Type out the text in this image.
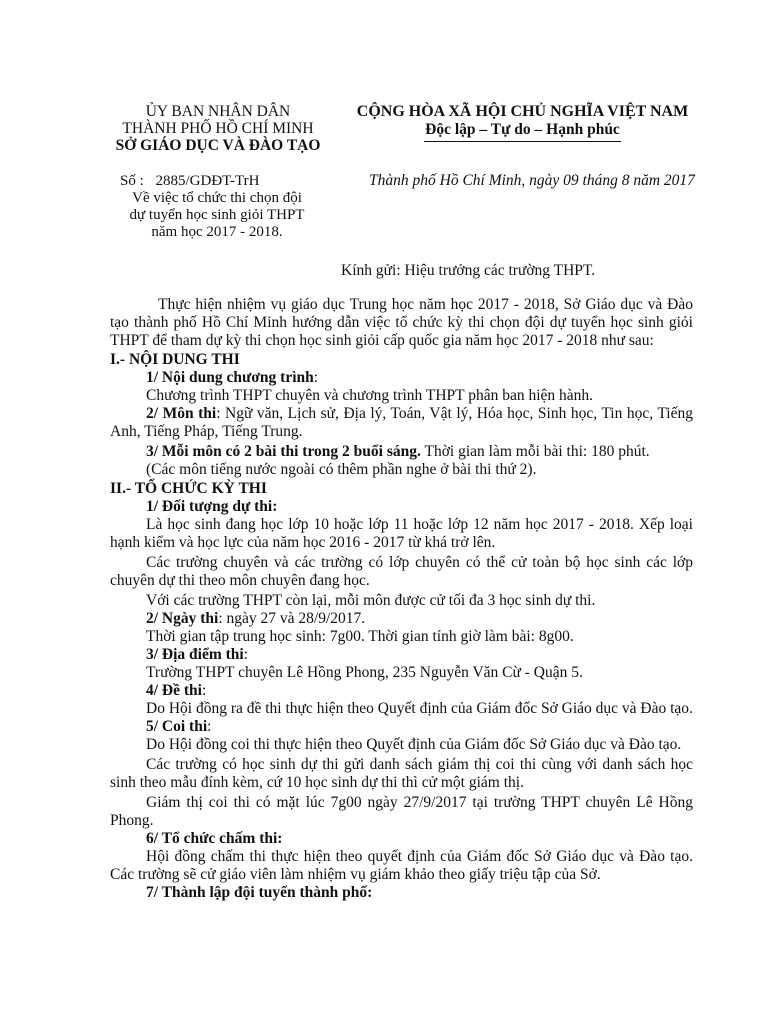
ỦY BAN NHÂN DÂN
THÀNH PHỐ HỒ CHÍ MINH
SỞ GIÁO DỤC VÀ ĐÀO TẠO
CỘNG HÒA XÃ HỘI CHỦ NGHĨA VIỆT NAM
Độc lập – Tự do – Hạnh phúc
Số : 2885/GDĐT-TrH
Về việc tổ chức thi chọn đội
dự tuyển học sinh giỏi THPT
năm học 2017 - 2018.
Thành phố Hồ Chí Minh, ngày 09 tháng 8 năm 2017
Kính gửi: Hiệu trưởng các trường THPT.

Thực hiện nhiệm vụ giáo dục Trung học năm học 2017 - 2018, Sở Giáo dục và Đào tạo thành phố Hồ Chí Minh hướng dẫn việc tổ chức kỳ thi chọn đội dự tuyển học sinh giỏi THPT để tham dự kỳ thi chọn học sinh giỏi cấp quốc gia năm học 2017 - 2018 như sau:

I.- NỘI DUNG THI

1/ Nội dung chương trình:

Chương trình THPT chuyên và chương trình THPT phân ban hiện hành.

2/ Môn thi: Ngữ văn, Lịch sử, Địa lý, Toán, Vật lý, Hóa học, Sinh học, Tin học, Tiếng Anh, Tiếng Pháp, Tiếng Trung.

3/ Mỗi môn có 2 bài thi trong 2 buổi sáng. Thời gian làm mỗi bài thi: 180 phút.

(Các môn tiếng nước ngoài có thêm phần nghe ở bài thi thứ 2).

II.- TỔ CHỨC KỲ THI

1/ Đối tượng dự thi:

Là học sinh đang học lớp 10 hoặc lớp 11 hoặc lớp 12 năm học 2017 - 2018. Xếp loại hạnh kiểm và học lực của năm học 2016 - 2017 từ khá trở lên.

Các trường chuyên và các trường có lớp chuyên có thể cử toàn bộ học sinh các lớp chuyên dự thi theo môn chuyên đang học.

Với các trường THPT còn lại, mỗi môn được cử tối đa 3 học sinh dự thi.

2/ Ngày thi: ngày 27 và 28/9/2017.

Thời gian tập trung học sinh: 7g00. Thời gian tính giờ làm bài: 8g00.

3/ Địa điểm thi:

Trường THPT chuyên Lê Hồng Phong, 235 Nguyễn Văn Cừ - Quận 5.

4/ Đề thi:

Do Hội đồng ra đề thi thực hiện theo Quyết định của Giám đốc Sở Giáo dục và Đào tạo.

5/ Coi thi:

Do Hội đồng coi thi thực hiện theo Quyết định của Giám đốc Sở Giáo dục và Đào tạo.

Các trường có học sinh dự thi gửi danh sách giám thị coi thi cùng với danh sách học sinh theo mẫu đính kèm, cứ 10 học sinh dự thi thì cử một giám thị.

Giám thị coi thi có mặt lúc 7g00 ngày 27/9/2017 tại trường THPT chuyên Lê Hồng Phong.

6/ Tổ chức chấm thi:

Hội đồng chấm thi thực hiện theo quyết định của Giám đốc Sở Giáo dục và Đào tạo. Các trường sẽ cử giáo viên làm nhiệm vụ giám khảo theo giấy triệu tập của Sở.

7/ Thành lập đội tuyển thành phố:
